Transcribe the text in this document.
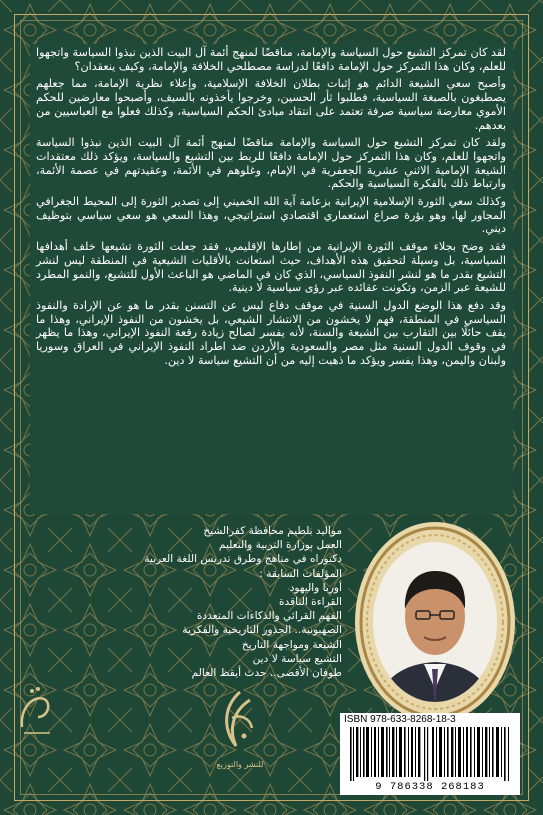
لقد كان تمركز التشيع حول السياسة والإمامة، مناقضًا لمنهج أئمة آل البيت الذين نبذوا السياسة واتجهوا للعلم، وكان هذا التمركز حول الإمامة دافعًا لدراسة مصطلحي الخلافة والإمامة، وكيف ينعقدان؟

وأصبح سعي الشيعة الدائم هو إثبات بطلان الخلافة الإسلامية، وإعلاء نظرية الإمامة، مما جعلهم يصطبغون بالصبغة السياسية، فطلبوا ثأر الحسين، وخرجوا يأخذونه بالسيف، وأصبحوا معارضين للحكم الأموي معارضة سياسية صرفة تعتمد على انتقاد مبادئ الحكم السياسية، وكذلك فعلوا مع العباسيين من بعدهم.

ولقد كان تمركز التشيع حول السياسة والإمامة مناقضًا لمنهج أئمة آل البيت الذين نبذوا السياسة واتجهوا للعلم، وكان هذا التمركز حول الإمامة دافعًا للربط بين التشيع والسياسة، ويؤكد ذلك معتقدات الشيعة الإمامية الاثني عشرية الجعفرية في الإمام، وغلوهم في الأئمة، وعقيدتهم في عصمة الأئمة، وارتباط ذلك بالفكرة السياسية والحكم.

وكذلك سعي الثورة الإسلامية الإيرانية بزعامة آية الله الخميني إلى تصدير الثورة إلى المحيط الجغرافي المجاور لها، وهو بؤرة صراع استعماري اقتصادي استراتيجي، وهذا السعي هو سعي سياسي بتوظيف ديني.

فقد وضح بجلاء موقف الثورة الإيرانية من إطارها الإقليمي، فقد جعلت الثورة تشيعها خلف أهدافها السياسية، بل وسيلة لتحقيق هذه الأهداف، حيث استعانت بالأقليات الشيعية في المنطقة ليس لنشر التشيع بقدر ما هو لنشر النفوذ السياسي، الذي كان في الماضي هو الباعث الأول للتشيع، والنمو المطرد للشيعة عبر الزمن، وتكونت عقائده عبر رؤى سياسية لا دينية.

وقد دفع هذا الوضع الدول السنية في موقف دفاع ليس عن التسنن بقدر ما هو عن الإرادة والنفوذ السياسي في المنطقة، فهم لا يخشون من الانتشار الشيعي، بل يخشون من النفوذ الإيراني، وهذا ما يقف حائلًا بين التقارب بين الشيعة والسنة، لأنه يفسر لصالح زيادة رقعة النفوذ الإيراني، وهذا ما يظهر في وقوف الدول السنية مثل مصر والسعودية والأردن ضد اطراد النفوذ الإيراني في العراق وسوريا ولبنان واليمن، وهذا يفسر ويؤكد ما ذهبت إليه من أن التشيع سياسة لا دين.

مواليد بلطيم محافظة كفرالشيخ
العمل بوزارة التربية والتعليم
دكتوراه في مناهج وطرق تدريس اللغة العربية
المؤلفات السابقة :
أوربا واليهود
القراءة الناقدة
الفهم القرائي والذكاءات المتعددة
الصهيونية.. الجذور التاريخية والفكرية
الشيعة ومواجهة التاريخ
التشيع سياسة لا دين
طوفان الأقصى.. حدث أيقظ العالم
للنشر والتوزيع
ISBN 978-633-8268-18-3
9 786338 268183
